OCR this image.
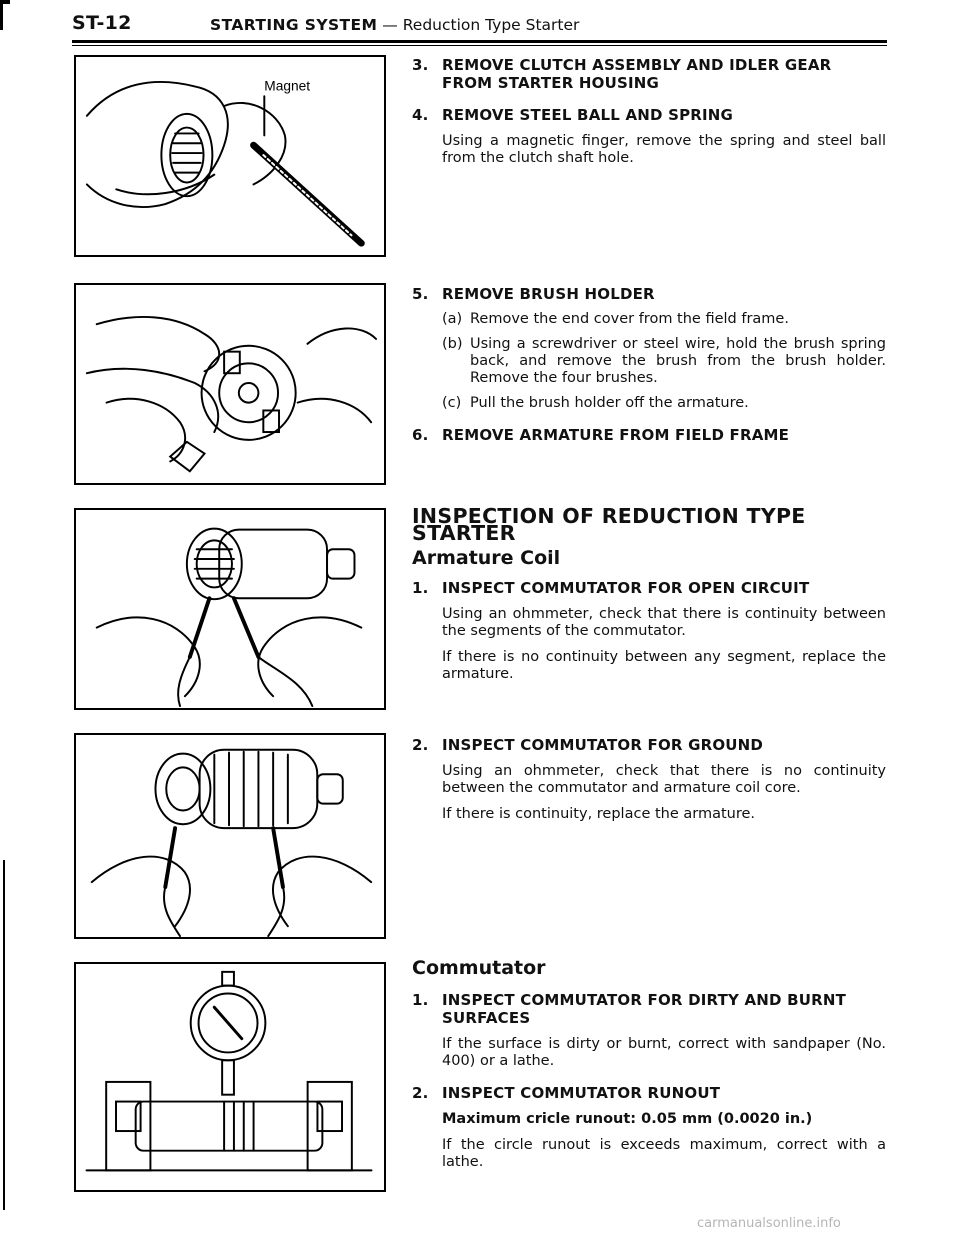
ST-12	STARTING SYSTEM — Reduction Type Starter
Magnet
3. REMOVE CLUTCH ASSEMBLY AND IDLER GEAR FROM STARTER HOUSING
4. REMOVE STEEL BALL AND SPRING
Using a magnetic finger, remove the spring and steel ball from the clutch shaft hole.
5. REMOVE BRUSH HOLDER
(a) Remove the end cover from the field frame.
(b) Using a screwdriver or steel wire, hold the brush spring back, and remove the brush from the brush holder. Remove the four brushes.
(c) Pull the brush holder off the armature.
6. REMOVE ARMATURE FROM FIELD FRAME
INSPECTION OF REDUCTION TYPE STARTER
Armature Coil
1. INSPECT COMMUTATOR FOR OPEN CIRCUIT
Using an ohmmeter, check that there is continuity between the segments of the commutator.
If there is no continuity between any segment, replace the armature.
2. INSPECT COMMUTATOR FOR GROUND
Using an ohmmeter, check that there is no continuity between the commutator and armature coil core.
If there is continuity, replace the armature.
Commutator
1. INSPECT COMMUTATOR FOR DIRTY AND BURNT SURFACES
If the surface is dirty or burnt, correct with sandpaper (No. 400) or a lathe.
2. INSPECT COMMUTATOR RUNOUT
Maximum cricle runout: 0.05 mm (0.0020 in.)
If the circle runout is exceeds maximum, correct with a lathe.
carmanualsonline.info
